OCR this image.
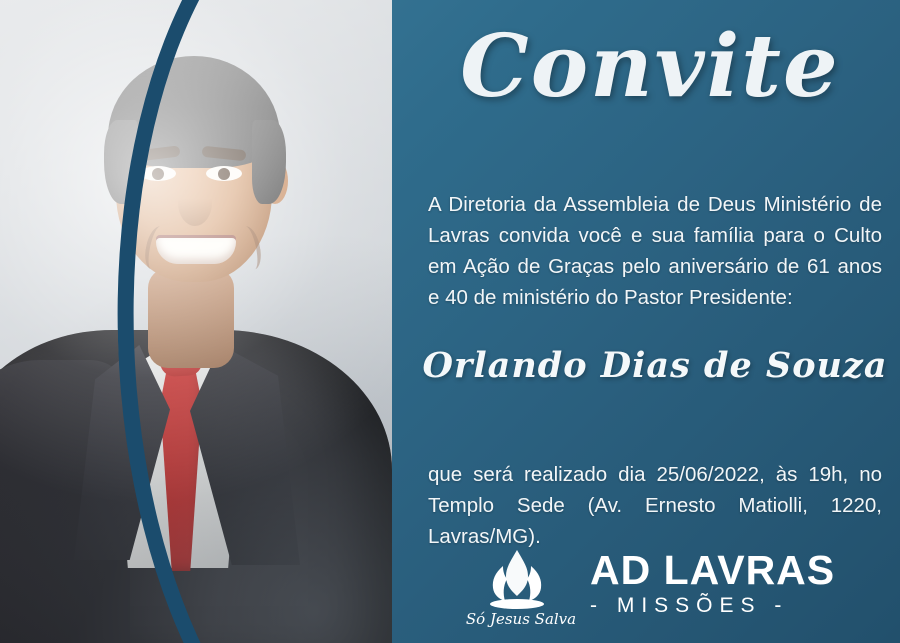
Convite

A Diretoria da Assembleia de Deus Ministério de Lavras convida você e sua família para o Culto em Ação de Graças pelo aniversário de 61 anos e 40 de ministério do Pastor Presidente:

Orlando Dias de Souza

que será realizado dia 25/06/2022, às 19h, no Templo Sede (Av. Ernesto Matiolli, 1220, Lavras/MG).

Só Jesus Salva
AD LAVRAS
- MISSÕES -
